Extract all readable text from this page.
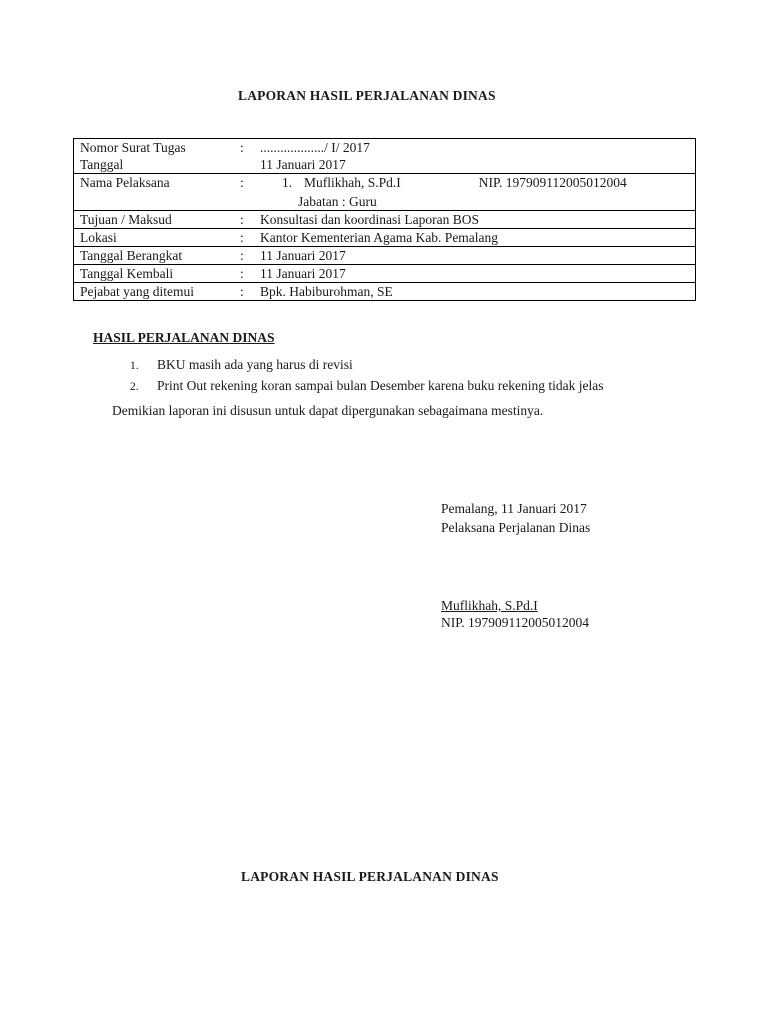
LAPORAN HASIL PERJALANAN DINAS
Nomor Surat Tugas	:	.................../ I/ 2017
Tanggal		11 Januari 2017
Nama Pelaksana	:	1. Muflikhah, S.Pd.I NIP. 197909112005012004
Jabatan : Guru

Tujuan / Maksud	:	Konsultasi dan koordinasi Laporan BOS
Lokasi	:	Kantor Kementerian Agama Kab. Pemalang
Tanggal Berangkat	:	11 Januari 2017
Tanggal Kembali	:	11 Januari 2017
Pejabat yang ditemui	:	Bpk. Habiburohman, SE
HASIL PERJALANAN DINAS
1. BKU masih ada yang harus di revisi
2. Print Out rekening koran sampai bulan Desember karena buku rekening tidak jelas
Demikian laporan ini disusun untuk dapat dipergunakan sebagaimana mestinya.
Pemalang, 11 Januari 2017
Pelaksana Perjalanan Dinas
Muflikhah, S.Pd.I
NIP. 197909112005012004
LAPORAN HASIL PERJALANAN DINAS
